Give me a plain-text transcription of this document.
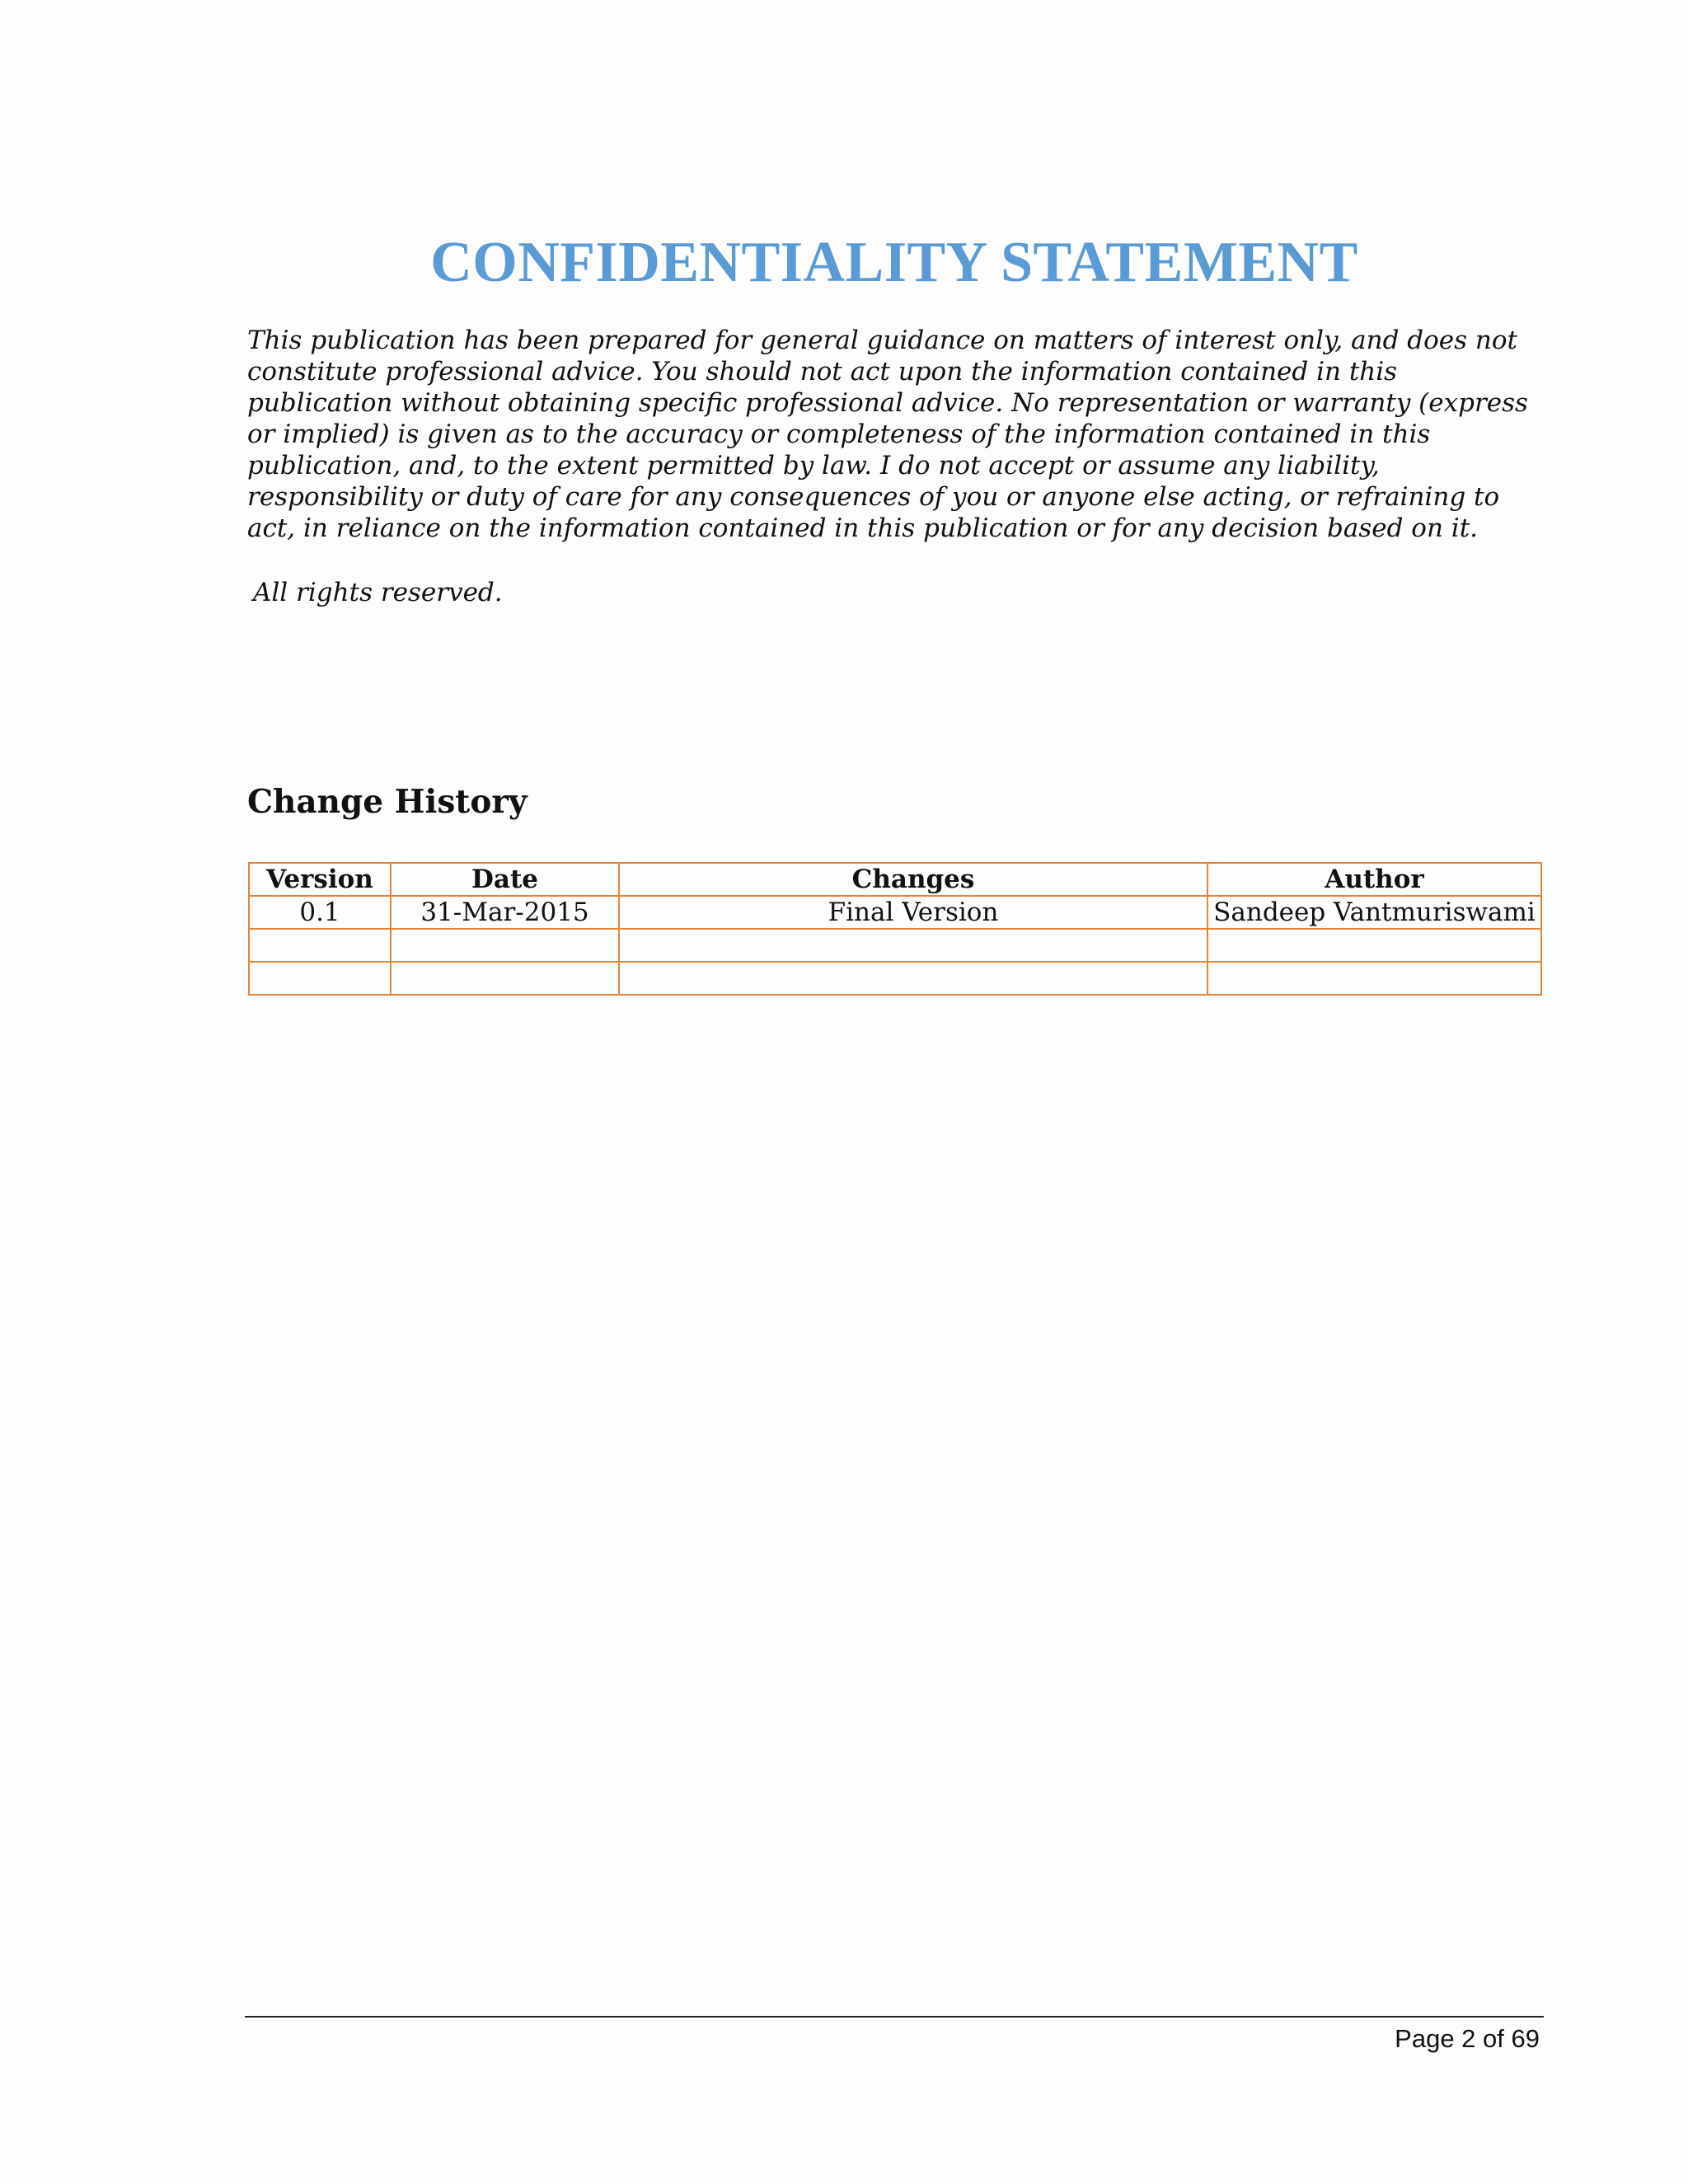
CONFIDENTIALITY STATEMENT

This publication has been prepared for general guidance on matters of interest only, and does not constitute professional advice. You should not act upon the information contained in this publication without obtaining specific professional advice. No representation or warranty (express or implied) is given as to the accuracy or completeness of the information contained in this publication, and, to the extent permitted by law. I do not accept or assume any liability, responsibility or duty of care for any consequences of you or anyone else acting, or refraining to act, in reliance on the information contained in this publication or for any decision based on it.

All rights reserved.

Change History
Version	Date	Changes	Author
0.1	31-Mar-2015	Final Version	Sandeep Vantmuriswami

Page 2 of 69
